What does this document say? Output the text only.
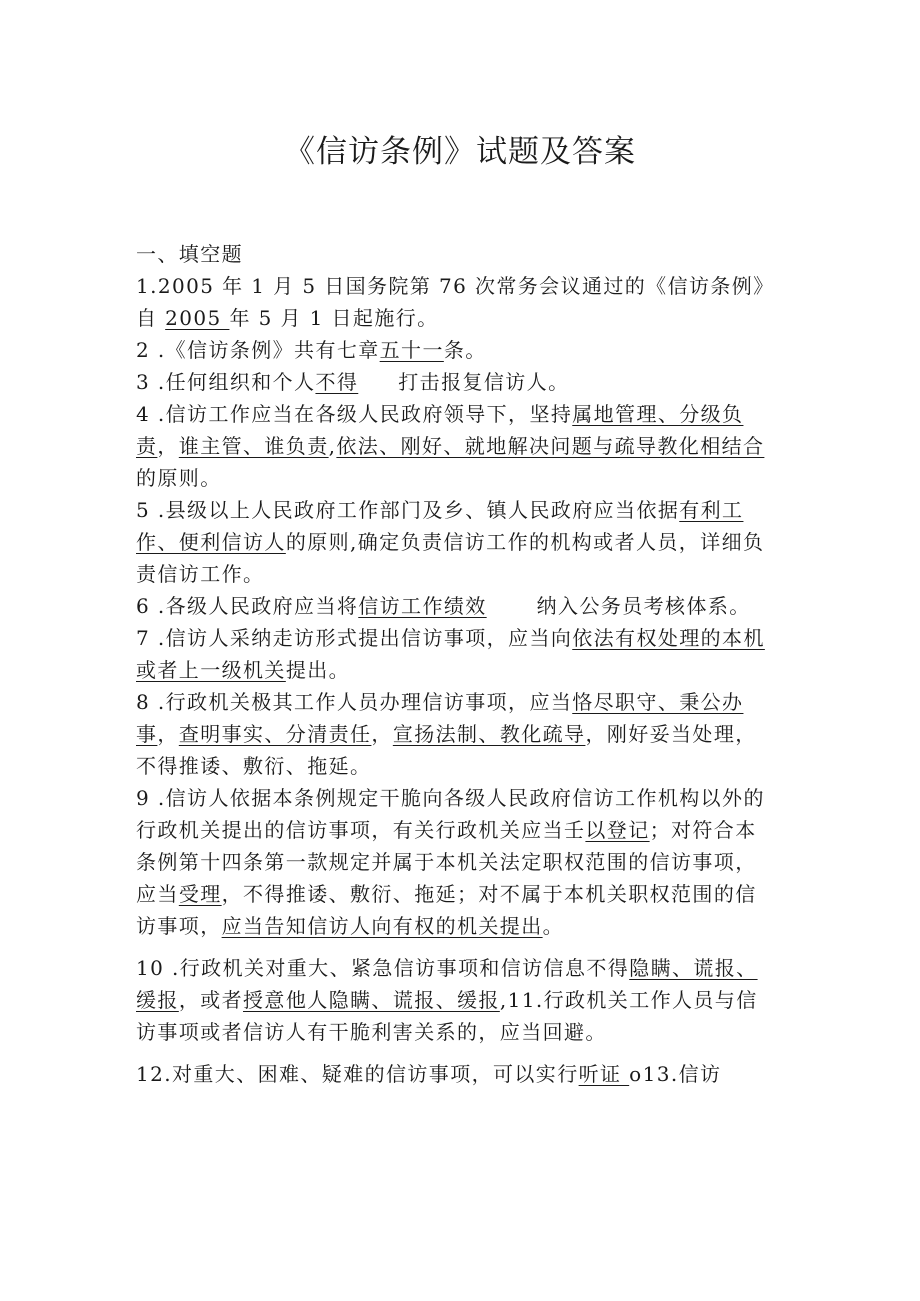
《信访条例》试题及答案

一、填空题

1.2005 年 1 月 5 日国务院第 76 次常务会议通过的《信访条例》自 2005 年 5 月 1 日起施行。

2 .《信访条例》共有七章五十一条。

3 .任何组织和个人不得 打击报复信访人。

4 .信访工作应当在各级人民政府领导下，坚持属地管理、分级负责，谁主管、谁负责,依法、刚好、就地解决问题与疏导教化相结合的原则。

5 .县级以上人民政府工作部门及乡、镇人民政府应当依据有利工作、便利信访人的原则,确定负责信访工作的机构或者人员，详细负责信访工作。

6 .各级人民政府应当将信访工作绩效	纳入公务员考核体系。

7 .信访人采纳走访形式提出信访事项，应当向依法有权处理的本机或者上一级机关提出。

8 .行政机关极其工作人员办理信访事项，应当恪尽职守、秉公办事，查明事实、分清责任，宣扬法制、教化疏导，刚好妥当处理，不得推诿、敷衍、拖延。

9 .信访人依据本条例规定干脆向各级人民政府信访工作机构以外的行政机关提出的信访事项，有关行政机关应当壬以登记；对符合本条例第十四条第一款规定并属于本机关法定职权范围的信访事项，应当受理，不得推诿、敷衍、拖延；对不属于本机关职权范围的信访事项，应当告知信访人向有权的机关提出。

10 .行政机关对重大、紧急信访事项和信访信息不得隐瞒、谎报、缓报，或者授意他人隐瞒、谎报、缓报,11.行政机关工作人员与信访事项或者信访人有干脆利害关系的，应当回避。

12.对重大、困难、疑难的信访事项，可以实行听证 o13.信访
